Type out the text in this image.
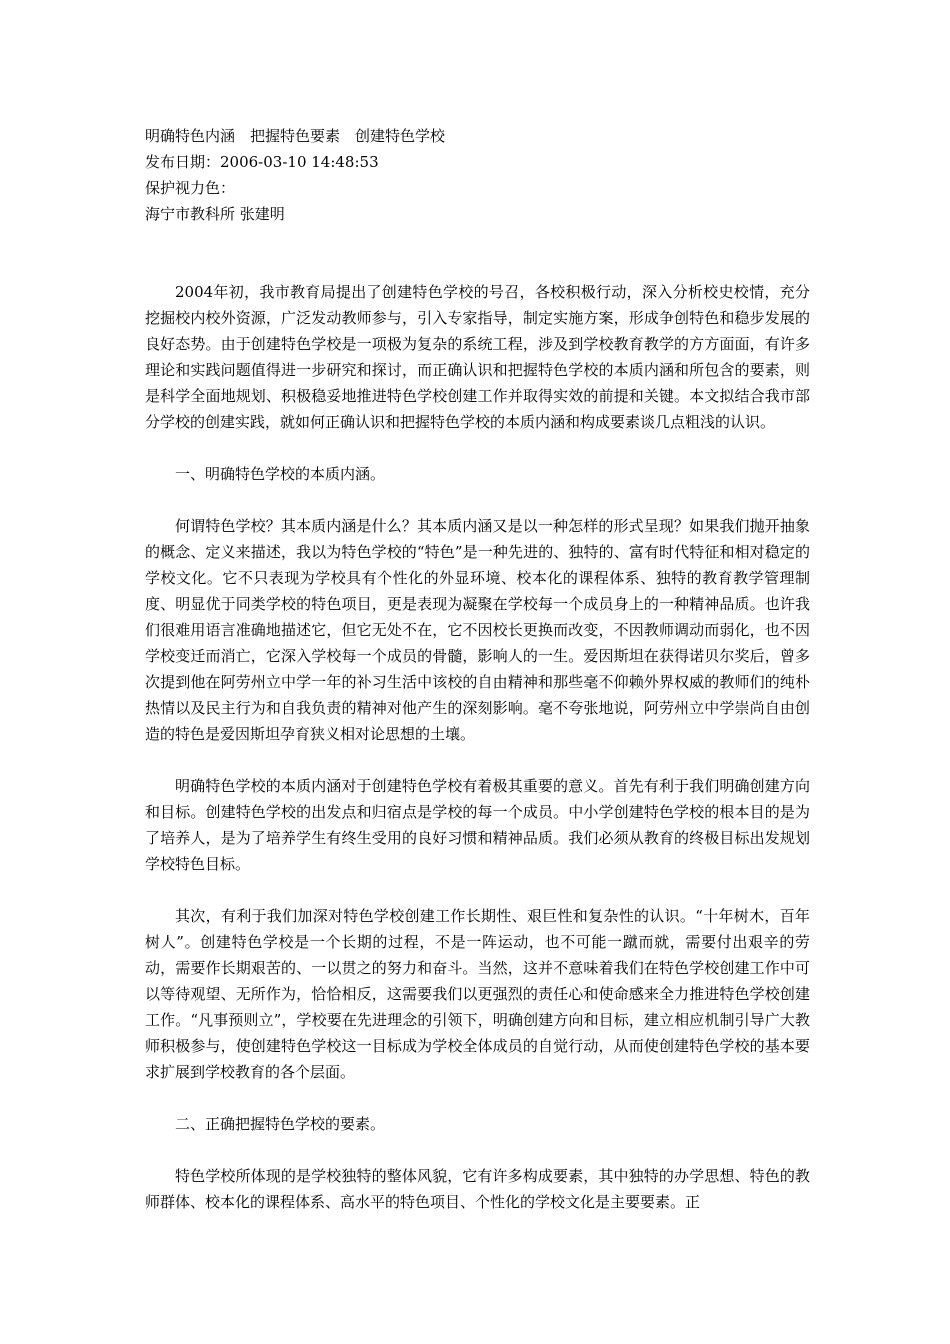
明确特色内涵　把握特色要素　创建特色学校
发布日期：2006-03-10 14:48:53
保护视力色：
海宁市教科所 张建明

2004年初，我市教育局提出了创建特色学校的号召，各校积极行动，深入分析校史校情，充分挖掘校内校外资源，广泛发动教师参与，引入专家指导，制定实施方案，形成争创特色和稳步发展的良好态势。由于创建特色学校是一项极为复杂的系统工程，涉及到学校教育教学的方方面面，有许多理论和实践问题值得进一步研究和探讨，而正确认识和把握特色学校的本质内涵和所包含的要素，则是科学全面地规划、积极稳妥地推进特色学校创建工作并取得实效的前提和关键。本文拟结合我市部分学校的创建实践，就如何正确认识和把握特色学校的本质内涵和构成要素谈几点粗浅的认识。

一、明确特色学校的本质内涵。

何谓特色学校？其本质内涵是什么？其本质内涵又是以一种怎样的形式呈现？如果我们抛开抽象的概念、定义来描述，我以为特色学校的“特色”是一种先进的、独特的、富有时代特征和相对稳定的学校文化。它不只表现为学校具有个性化的外显环境、校本化的课程体系、独特的教育教学管理制度、明显优于同类学校的特色项目，更是表现为凝聚在学校每一个成员身上的一种精神品质。也许我们很难用语言准确地描述它，但它无处不在，它不因校长更换而改变，不因教师调动而弱化，也不因学校变迁而消亡，它深入学校每一个成员的骨髓，影响人的一生。爱因斯坦在获得诺贝尔奖后，曾多次提到他在阿劳州立中学一年的补习生活中该校的自由精神和那些毫不仰赖外界权威的教师们的纯朴热情以及民主行为和自我负责的精神对他产生的深刻影响。毫不夸张地说，阿劳州立中学崇尚自由创造的特色是爱因斯坦孕育狭义相对论思想的土壤。

明确特色学校的本质内涵对于创建特色学校有着极其重要的意义。首先有利于我们明确创建方向和目标。创建特色学校的出发点和归宿点是学校的每一个成员。中小学创建特色学校的根本目的是为了培养人，是为了培养学生有终生受用的良好习惯和精神品质。我们必须从教育的终极目标出发规划学校特色目标。

其次，有利于我们加深对特色学校创建工作长期性、艰巨性和复杂性的认识。“十年树木，百年树人”。创建特色学校是一个长期的过程，不是一阵运动，也不可能一蹴而就，需要付出艰辛的劳动，需要作长期艰苦的、一以贯之的努力和奋斗。当然，这并不意味着我们在特色学校创建工作中可以等待观望、无所作为，恰恰相反，这需要我们以更强烈的责任心和使命感来全力推进特色学校创建工作。“凡事预则立”，学校要在先进理念的引领下，明确创建方向和目标，建立相应机制引导广大教师积极参与，使创建特色学校这一目标成为学校全体成员的自觉行动，从而使创建特色学校的基本要求扩展到学校教育的各个层面。

二、正确把握特色学校的要素。

特色学校所体现的是学校独特的整体风貌，它有许多构成要素，其中独特的办学思想、特色的教师群体、校本化的课程体系、高水平的特色项目、个性化的学校文化是主要要素。正
